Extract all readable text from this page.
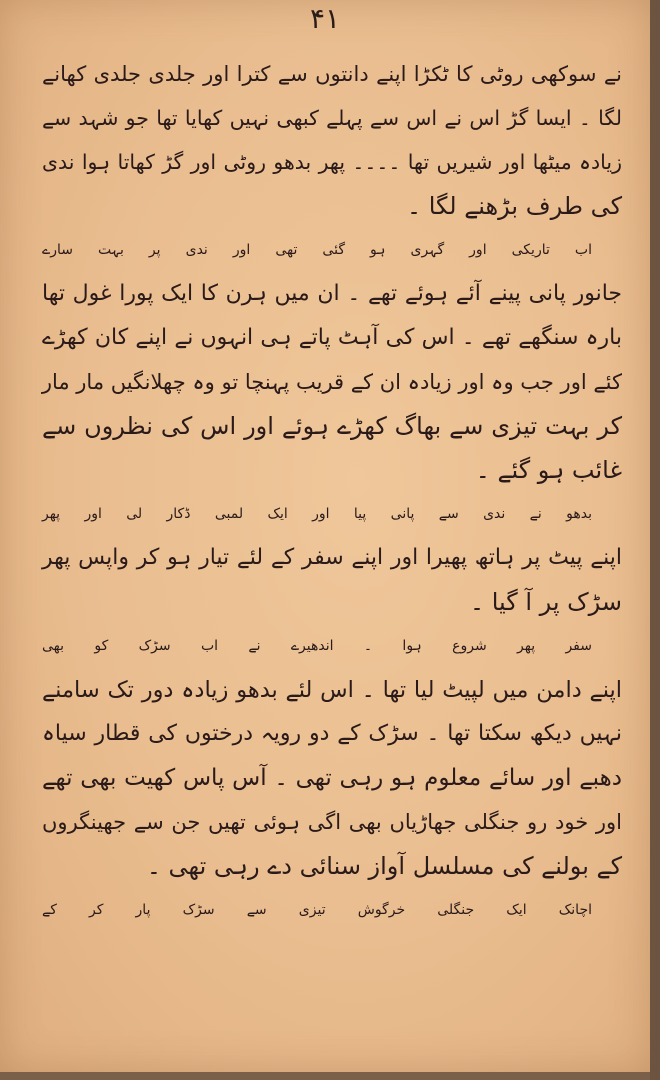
۴۱
نے سوکھی روٹی کا ٹکڑا اپنے دانتوں سے کترا اور جلدی جلدی کھانے
لگا ۔ ایسا گڑ اس نے اس سے پہلے کبھی نہیں کھایا تھا جو شہد سے
زیادہ میٹھا اور شیریں تھا ۔۔۔۔ پھر بدھو روٹی اور گڑ کھاتا ہوا ندی
کی طرف بڑھنے لگا ۔
اب تاریکی اور گہری ہو گئی تھی اور ندی پر بہت سارے
جانور پانی پینے آئے ہوئے تھے ۔ ان میں ہرن کا ایک پورا غول تھا
بارہ سنگھے تھے ۔ اس کی آہٹ پاتے ہی انہوں نے اپنے کان کھڑے
کئے اور جب وہ اور زیادہ ان کے قریب پہنچا تو وہ چھلانگیں مار مار
کر بہت تیزی سے بھاگ کھڑے ہوئے اور اس کی نظروں سے
غائب ہو گئے ۔
بدھو نے ندی سے پانی پیا اور ایک لمبی ڈکار لی اور پھر
اپنے پیٹ پر ہاتھ پھیرا اور اپنے سفر کے لئے تیار ہو کر واپس پھر
سڑک پر آ گیا ۔
سفر پھر شروع ہوا ۔ اندھیرے نے اب سڑک کو بھی
اپنے دامن میں لپیٹ لیا تھا ۔ اس لئے بدھو زیادہ دور تک سامنے
نہیں دیکھ سکتا تھا ۔ سڑک کے دو رویہ درختوں کی قطار سیاہ
دھبے اور سائے معلوم ہو رہی تھی ۔ آس پاس کھیت بھی تھے
اور خود رو جنگلی جھاڑیاں بھی اگی ہوئی تھیں جن سے جھینگروں
کے بولنے کی مسلسل آواز سنائی دے رہی تھی ۔
اچانک ایک جنگلی خرگوش تیزی سے سڑک پار کر کے
